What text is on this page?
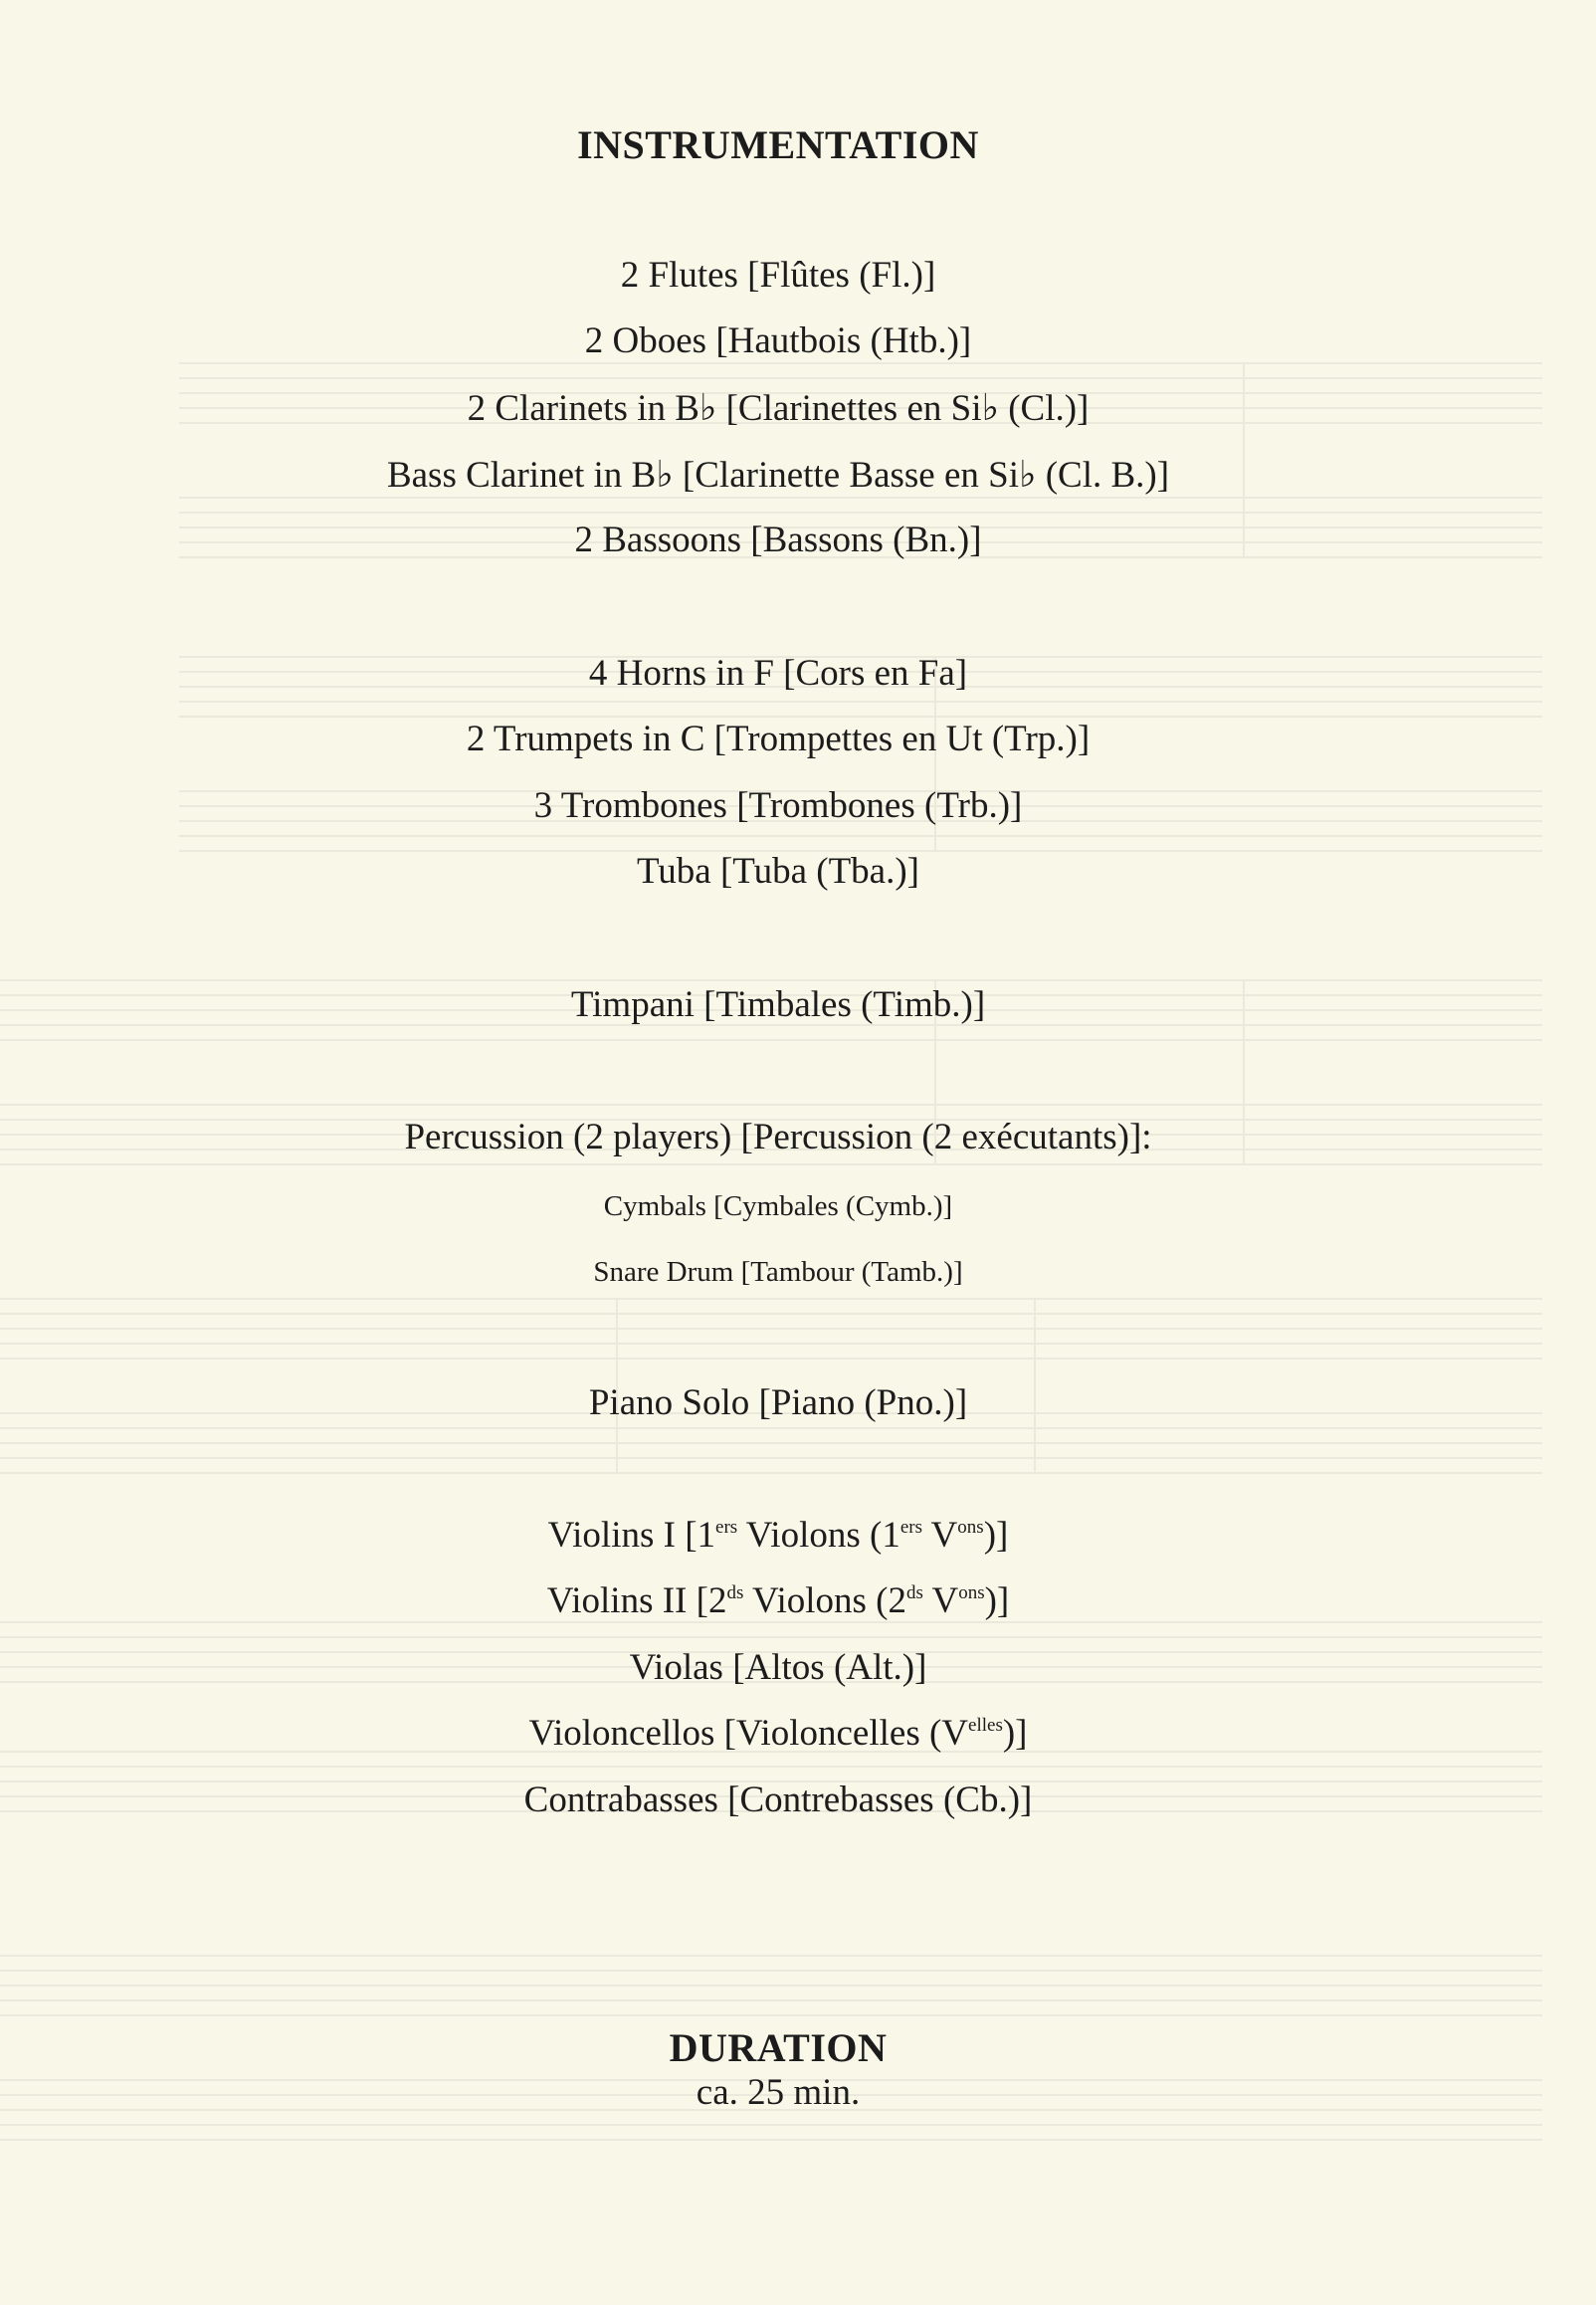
INSTRUMENTATION
2 Flutes [Flûtes (Fl.)]
2 Oboes [Hautbois (Htb.)]
2 Clarinets in B♭ [Clarinettes en Si♭ (Cl.)]
Bass Clarinet in B♭ [Clarinette Basse en Si♭ (Cl. B.)]
2 Bassoons [Bassons (Bn.)]
4 Horns in F [Cors en Fa]
2 Trumpets in C [Trompettes en Ut (Trp.)]
3 Trombones [Trombones (Trb.)]
Tuba [Tuba (Tba.)]
Timpani [Timbales (Timb.)]
Percussion (2 players) [Percussion (2 exécutants)]:
Cymbals [Cymbales (Cymb.)]
Snare Drum [Tambour (Tamb.)]
Piano Solo [Piano (Pno.)]
Violins I [1ers Violons (1ers $V^{ons}$)]
Violins II [$2^{ds}$ Violons ($2^{ds}$ $V^{ons}$)]
Violas [Altos (Alt.)]
Violoncellos [Violoncelles $(V^{elles})$]
Contrabasses [Contrebasses (Cb.)]
DURATION
ca. 25 min.
